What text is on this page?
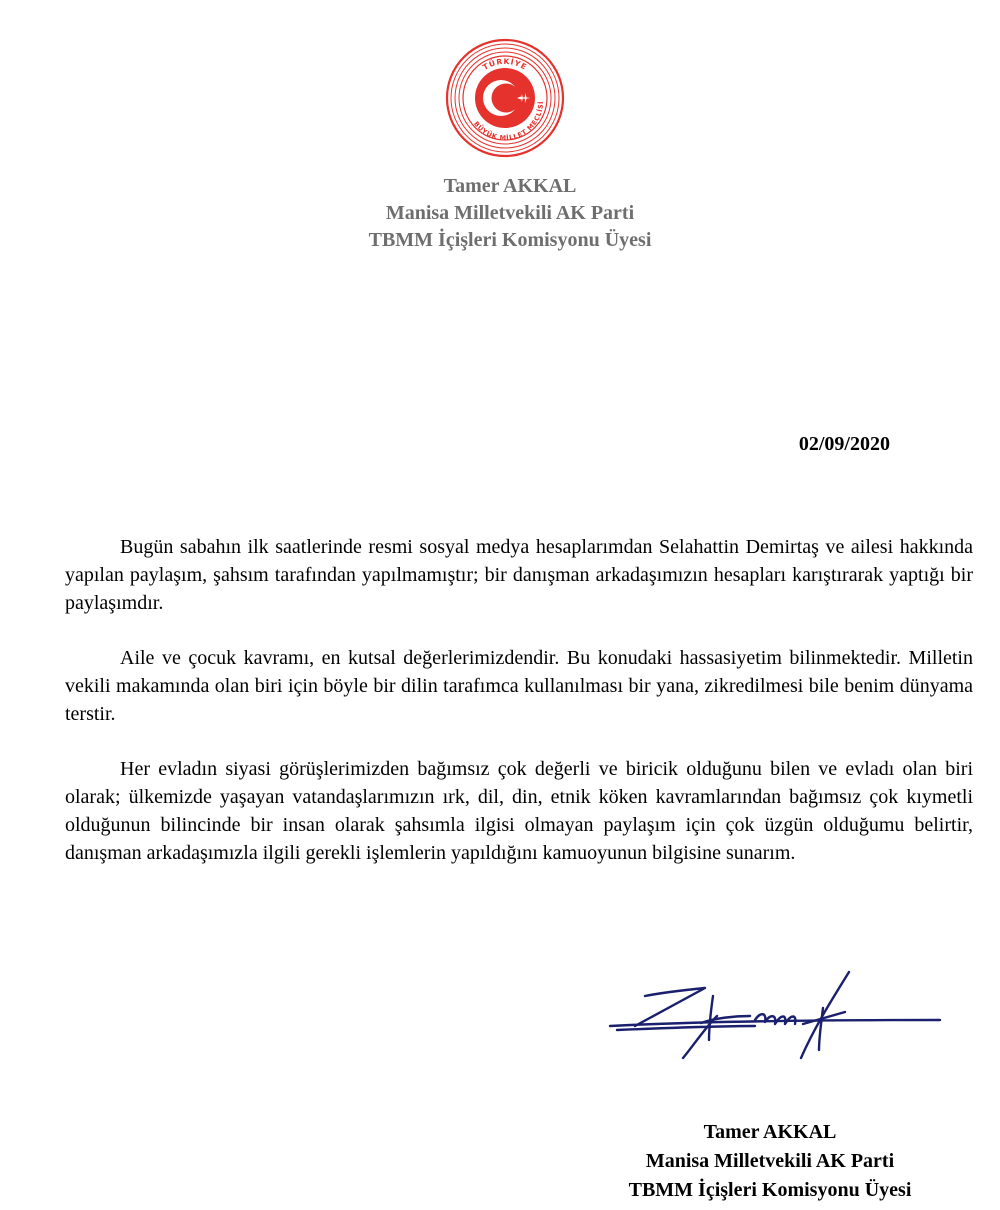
TÜRKİYE
BÜYÜK MİLLET MECLİSİ
Tamer AKKAL
Manisa Milletvekili AK Parti
TBMM İçişleri Komisyonu Üyesi
02/09/2020

Bugün sabahın ilk saatlerinde resmi sosyal medya hesaplarımdan Selahattin Demirtaş ve ailesi hakkında yapılan paylaşım, şahsım tarafından yapılmamıştır; bir danışman arkadaşımızın hesapları karıştırarak yaptığı bir paylaşımdır.

Aile ve çocuk kavramı, en kutsal değerlerimizdendir. Bu konudaki hassasiyetim bilinmektedir. Milletin vekili makamında olan biri için böyle bir dilin tarafımca kullanılması bir yana, zikredilmesi bile benim dünyama terstir.

Her evladın siyasi görüşlerimizden bağımsız çok değerli ve biricik olduğunu bilen ve evladı olan biri olarak; ülkemizde yaşayan vatandaşlarımızın ırk, dil, din, etnik köken kavramlarından bağımsız çok kıymetli olduğunun bilincinde bir insan olarak şahsımla ilgisi olmayan paylaşım için çok üzgün olduğumu belirtir, danışman arkadaşımızla ilgili gerekli işlemlerin yapıldığını kamuoyunun bilgisine sunarım.

Tamer AKKAL
Manisa Milletvekili AK Parti
TBMM İçişleri Komisyonu Üyesi
